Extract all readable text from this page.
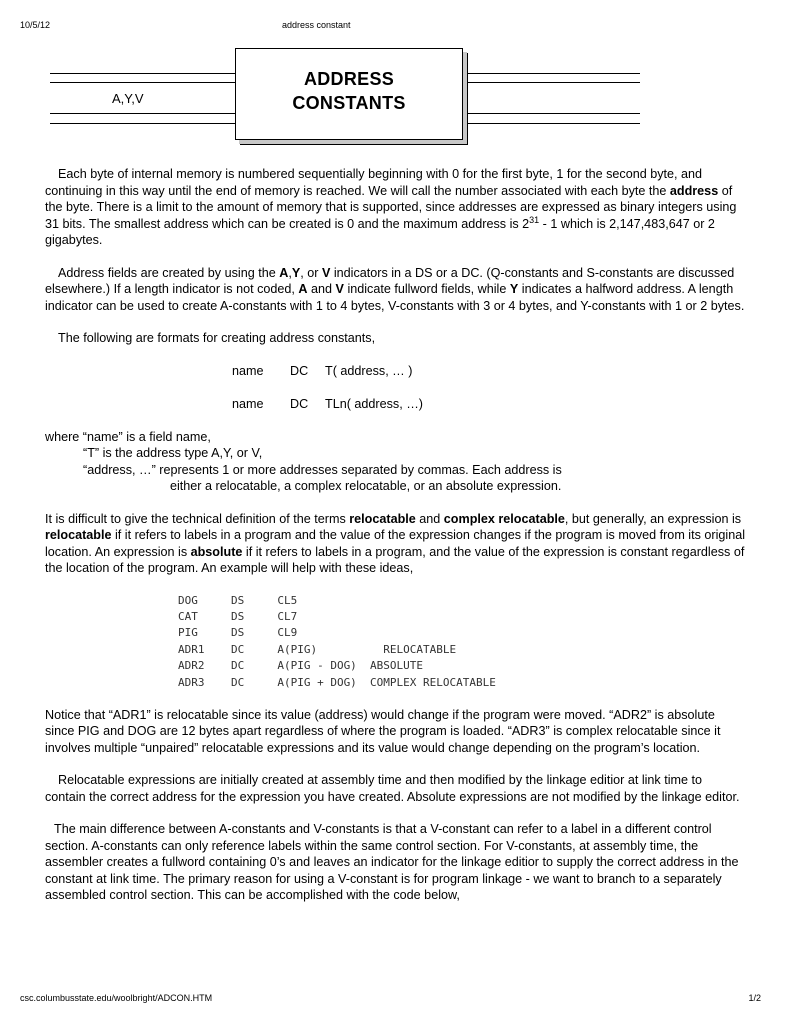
10/5/12	address constant
A,Y,V
ADDRESS
CONSTANTS

Each byte of internal memory is numbered sequentially beginning with 0 for the first byte, 1 for the second byte, and continuing in this way until the end of memory is reached. We will call the number associated with each byte the address of the byte. There is a limit to the amount of memory that is supported, since addresses are expressed as binary integers using 31 bits. The smallest address which can be created is 0 and the maximum address is $2^{31} - 1$ which is 2,147,483,647 or 2 gigabytes.

Address fields are created by using the A,Y, or V indicators in a DS or a DC. (Q-constants and S-constants are discussed elsewhere.) If a length indicator is not coded, A and V indicate fullword fields, while Y indicates a halfword address. A length indicator can be used to create A-constants with 1 to 4 bytes, V-constants with 3 or 4 bytes, and Y-constants with 1 or 2 bytes.

The following are formats for creating address constants,

name DC T( address, … )
name DC TLn( address, …)
where “name” is a field name,
“T” is the address type A,Y, or V,
“address, …” represents 1 or more addresses separated by commas. Each address is
either a relocatable, a complex relocatable, or an absolute expression.

It is difficult to give the technical definition of the terms relocatable and complex relocatable, but generally, an expression is relocatable if it refers to labels in a program and the value of the expression changes if the program is moved from its original location. An expression is absolute if it refers to labels in a program, and the value of the expression is constant regardless of the location of the program. An example will help with these ideas,

DOG     DS     CL5
CAT     DS     CL7
PIG     DS     CL9
ADR1    DC     A(PIG)          RELOCATABLE
ADR2    DC     A(PIG - DOG)  ABSOLUTE
ADR3    DC     A(PIG + DOG)  COMPLEX RELOCATABLE

Notice that “ADR1” is relocatable since its value (address) would change if the program were moved. “ADR2” is absolute since PIG and DOG are 12 bytes apart regardless of where the program is loaded. “ADR3” is complex relocatable since it involves multiple “unpaired” relocatable expressions and its value would change depending on the program’s location.

Relocatable expressions are initially created at assembly time and then modified by the linkage editior at link time to contain the correct address for the expression you have created. Absolute expressions are not modified by the linkage editor.

The main difference between A-constants and V-constants is that a V-constant can refer to a label in a different control section. A-constants can only reference labels within the same control section. For V-constants, at assembly time, the assembler creates a fullword containing 0’s and leaves an indicator for the linkage editior to supply the correct address in the constant at link time. The primary reason for using a V-constant is for program linkage - we want to branch to a separately assembled control section. This can be accomplished with the code below,

csc.columbusstate.edu/woolbright/ADCON.HTM	1/2
